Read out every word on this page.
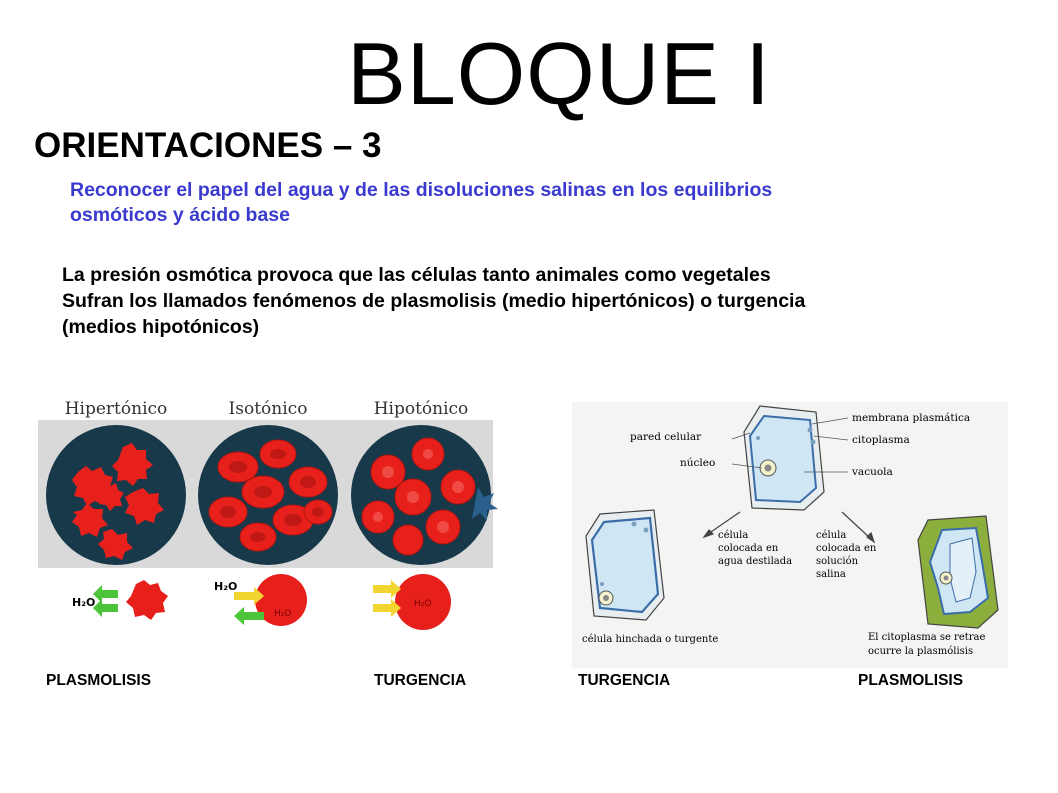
BLOQUE I
ORIENTACIONES – 3
Reconocer el papel del agua y de las disoluciones salinas en los equilibrios osmóticos y ácido base
La presión osmótica provoca que las células tanto animales como vegetales
Sufran los llamados fenómenos de plasmolisis (medio hipertónicos) o turgencia
(medios hipotónicos)
Hipertónico	Isotónico	Hipotónico
H₂O
H₂O
H₂O
H₂O
pared celular
núcleo
membrana plasmática
citoplasma
vacuola
célula
colocada en
agua destilada
célula
colocada en
solución
salina
célula hinchada o turgente	El citoplasma se retrae
ocurre la plasmólisis
PLASMOLISIS	TURGENCIA	TURGENCIA	PLASMOLISIS
